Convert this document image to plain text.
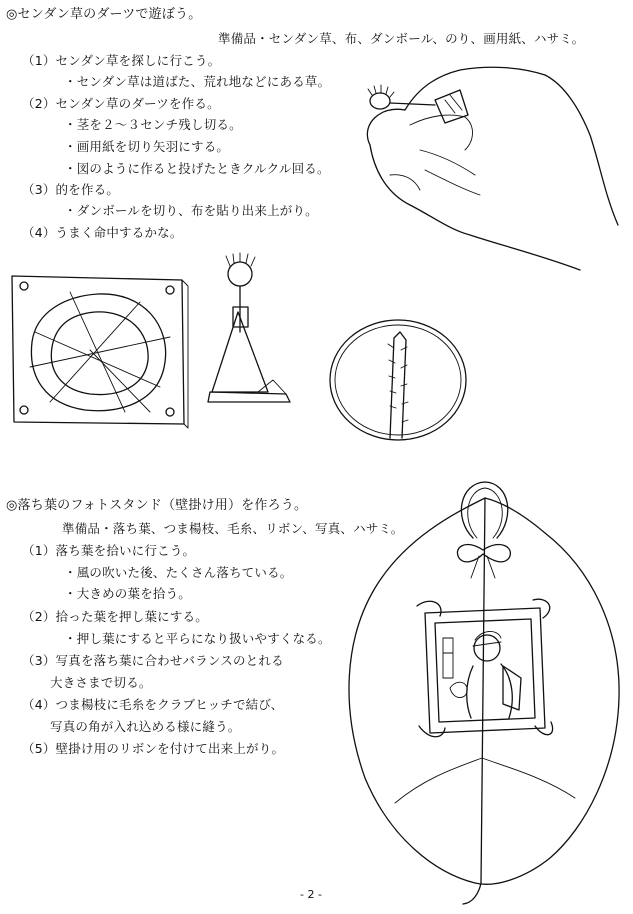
◎センダン草のダーツで遊ぼう。
準備品・センダン草、布、ダンボール、のり、画用紙、ハサミ。
（1）センダン草を探しに行こう。
・センダン草は道ばた、荒れ地などにある草。
（2）センダン草のダーツを作る。
・茎を２～３センチ残し切る。
・画用紙を切り矢羽にする。
・図のように作ると投げたときクルクル回る。
（3）的を作る。
・ダンボールを切り、布を貼り出来上がり。
（4）うまく命中するかな。
◎落ち葉のフォトスタンド（壁掛け用）を作ろう。
準備品・落ち葉、つま楊枝、毛糸、リボン、写真、ハサミ。
（1）落ち葉を拾いに行こう。
・風の吹いた後、たくさん落ちている。
・大きめの葉を拾う。
（2）拾った葉を押し葉にする。
・押し葉にすると平らになり扱いやすくなる。
（3）写真を落ち葉に合わせバランスのとれる
大きさまで切る。
（4）つま楊枝に毛糸をクラブヒッチで結び、
写真の角が入れ込める様に縫う。
（5）壁掛け用のリボンを付けて出来上がり。
- 2 -
